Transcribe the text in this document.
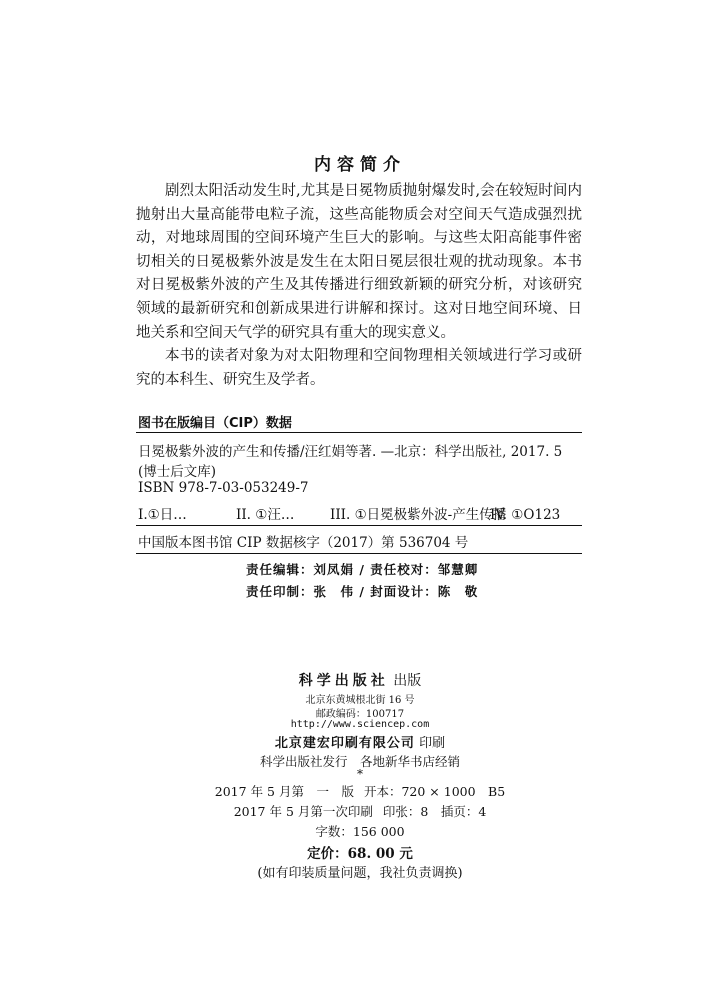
内容简介

剧烈太阳活动发生时,尤其是日冕物质抛射爆发时,会在较短时间内抛射出大量高能带电粒子流，这些高能物质会对空间天气造成强烈扰动，对地球周围的空间环境产生巨大的影响。与这些太阳高能事件密切相关的日冕极紫外波是发生在太阳日冕层很壮观的扰动现象。本书对日冕极紫外波的产生及其传播进行细致新颖的研究分析，对该研究领域的最新研究和创新成果进行讲解和探讨。这对日地空间环境、日地关系和空间天气学的研究具有重大的现实意义。

本书的读者对象为对太阳物理和空间物理相关领域进行学习或研究的本科生、研究生及学者。

图书在版编目（CIP）数据
日冕极紫外波的产生和传播/汪红娟等著. —北京：科学出版社, 2017. 5
(博士后文库)
ISBN 978-7-03-053249-7
I.①日…	II. ①汪…	III. ①日冕极紫外波-产生传播IV. ①O123
中国版本图书馆 CIP 数据核字（2017）第 536704 号
责任编辑：刘凤娟 / 责任校对：邹慧卿
责任印制：张　伟 / 封面设计：陈　敬
科学出版社 出版
北京东黄城根北街 16 号
邮政编码：100717
http://www.sciencep.com
北京建宏印刷有限公司 印刷
科学出版社发行　各地新华书店经销
*
2017 年 5 月第　一　版 开本：720 × 1000　B5
2017 年 5 月第一次印刷 印张：8　插页：4
字数：156 000
定价：68. 00 元
(如有印装质量问题，我社负责调换)
